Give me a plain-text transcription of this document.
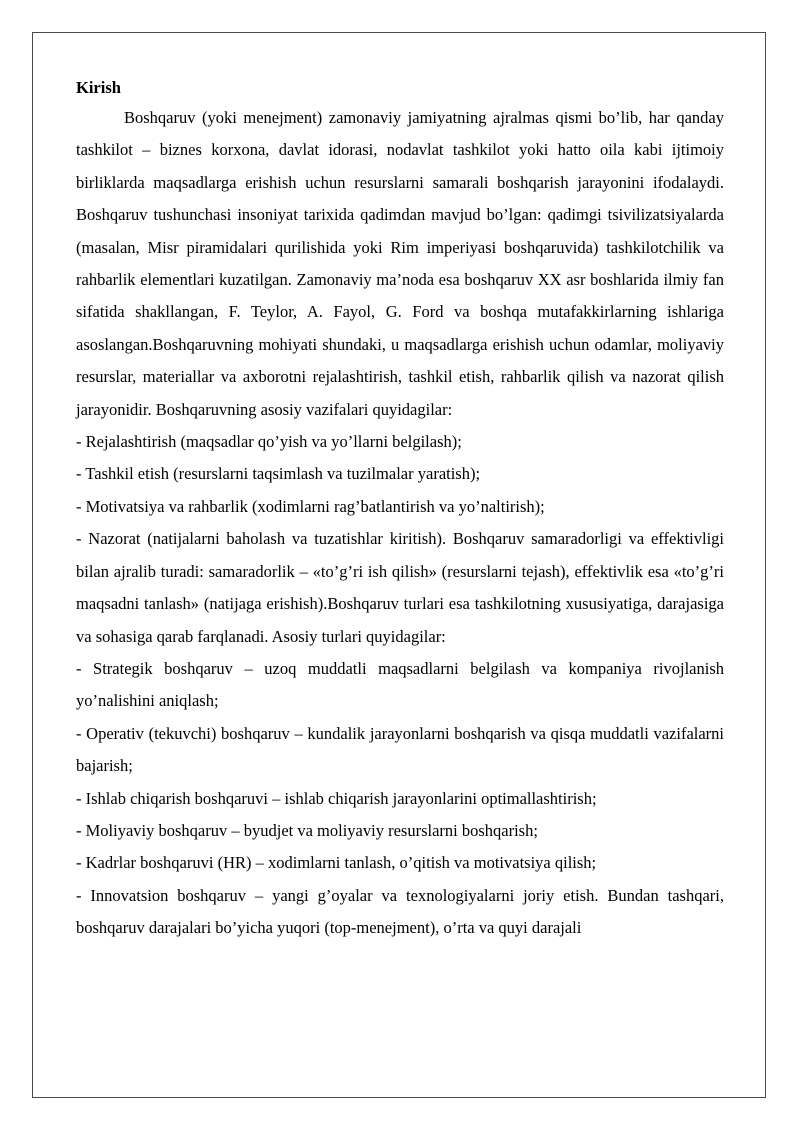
Kirish

Boshqaruv (yoki menejment) zamonaviy jamiyatning ajralmas qismi bo’lib, har qanday tashkilot – biznes korxona, davlat idorasi, nodavlat tashkilot yoki hatto oila kabi ijtimoiy birliklarda maqsadlarga erishish uchun resurslarni samarali boshqarish jarayonini ifodalaydi. Boshqaruv tushunchasi insoniyat tarixida qadimdan mavjud bo’lgan: qadimgi tsivilizatsiyalarda (masalan, Misr piramidalari qurilishida yoki Rim imperiyasi boshqaruvida) tashkilotchilik va rahbarlik elementlari kuzatilgan. Zamonaviy ma’noda esa boshqaruv XX asr boshlarida ilmiy fan sifatida shakllangan, F. Teylor, A. Fayol, G. Ford va boshqa mutafakkirlarning ishlariga asoslangan.Boshqaruvning mohiyati shundaki, u maqsadlarga erishish uchun odamlar, moliyaviy resurslar, materiallar va axborotni rejalashtirish, tashkil etish, rahbarlik qilish va nazorat qilish jarayonidir. Boshqaruvning asosiy vazifalari quyidagilar:

- Rejalashtirish (maqsadlar qo’yish va yo’llarni belgilash);

- Tashkil etish (resurslarni taqsimlash va tuzilmalar yaratish);

- Motivatsiya va rahbarlik (xodimlarni rag’batlantirish va yo’naltirish);

- Nazorat (natijalarni baholash va tuzatishlar kiritish). Boshqaruv samaradorligi va effektivligi bilan ajralib turadi: samaradorlik – «to’g’ri ish qilish» (resurslarni tejash), effektivlik esa «to’g’ri maqsadni tanlash» (natijaga erishish).Boshqaruv turlari esa tashkilotning xususiyatiga, darajasiga va sohasiga qarab farqlanadi. Asosiy turlari quyidagilar:

- Strategik boshqaruv – uzoq muddatli maqsadlarni belgilash va kompaniya rivojlanish yo’nalishini aniqlash;

- Operativ (tekuvchi) boshqaruv – kundalik jarayonlarni boshqarish va qisqa muddatli vazifalarni bajarish;

- Ishlab chiqarish boshqaruvi – ishlab chiqarish jarayonlarini optimallashtirish;

- Moliyaviy boshqaruv – byudjet va moliyaviy resurslarni boshqarish;

- Kadrlar boshqaruvi (HR) – xodimlarni tanlash, o’qitish va motivatsiya qilish;

- Innovatsion boshqaruv – yangi g’oyalar va texnologiyalarni joriy etish. Bundan tashqari, boshqaruv darajalari bo’yicha yuqori (top-menejment), o’rta va quyi darajali
